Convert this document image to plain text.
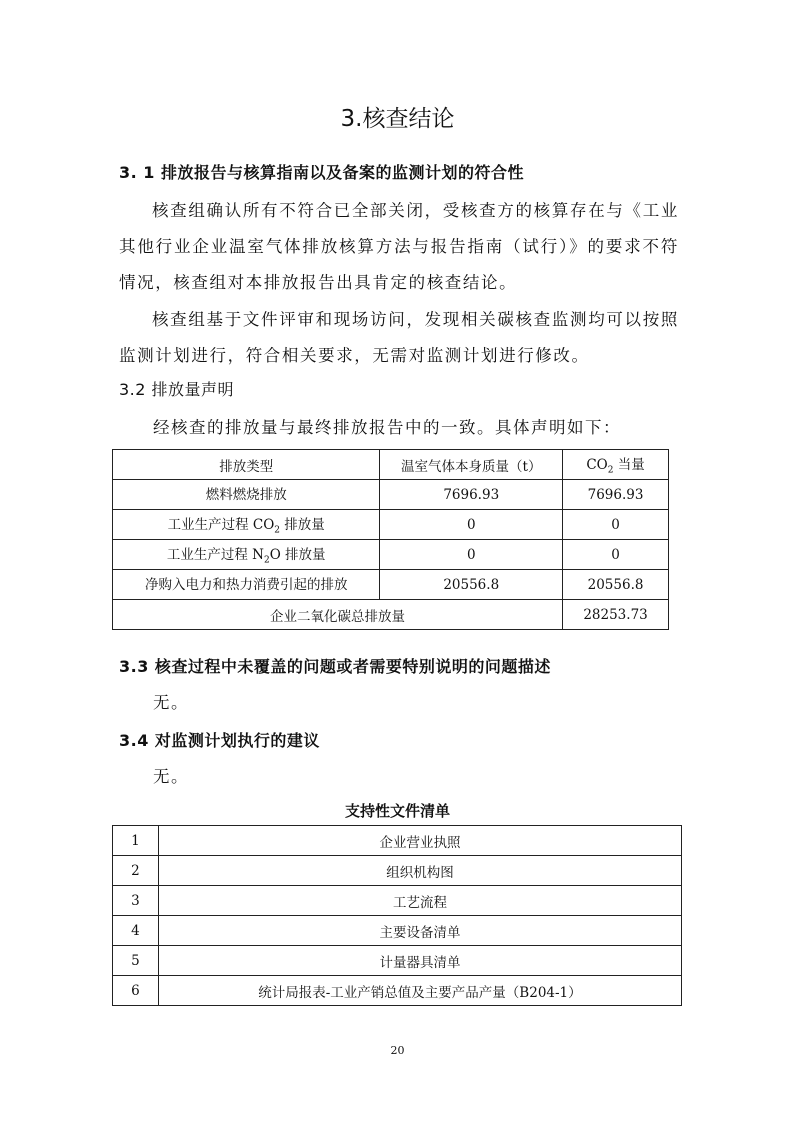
3.核查结论
3. 1 排放报告与核算指南以及备案的监测计划的符合性
核查组确认所有不符合已全部关闭，受核查方的核算存在与《工业其他行业企业温室气体排放核算方法与报告指南（试行）》的要求不符情况，核查组对本排放报告出具肯定的核查结论。
核查组基于文件评审和现场访问，发现相关碳核查监测均可以按照监测计划进行，符合相关要求，无需对监测计划进行修改。
3.2 排放量声明
经核查的排放量与最终排放报告中的一致。具体声明如下：
排放类型	温室气体本身质量（t）	$CO_2$ 当量
燃料燃烧排放	7696.93	7696.93
工业生产过程 $CO_2$ 排放量	0	0
工业生产过程 $N_2O$ 排放量	0	0
净购入电力和热力消费引起的排放	20556.8	20556.8
企业二氧化碳总排放量		28253.73
3.3 核查过程中未覆盖的问题或者需要特别说明的问题描述
无。
3.4 对监测计划执行的建议
无。
支持性文件清单
1	企业营业执照
2	组织机构图
3	工艺流程
4	主要设备清单
5	计量器具清单
6	统计局报表-工业产销总值及主要产品产量（B204-1）
20
